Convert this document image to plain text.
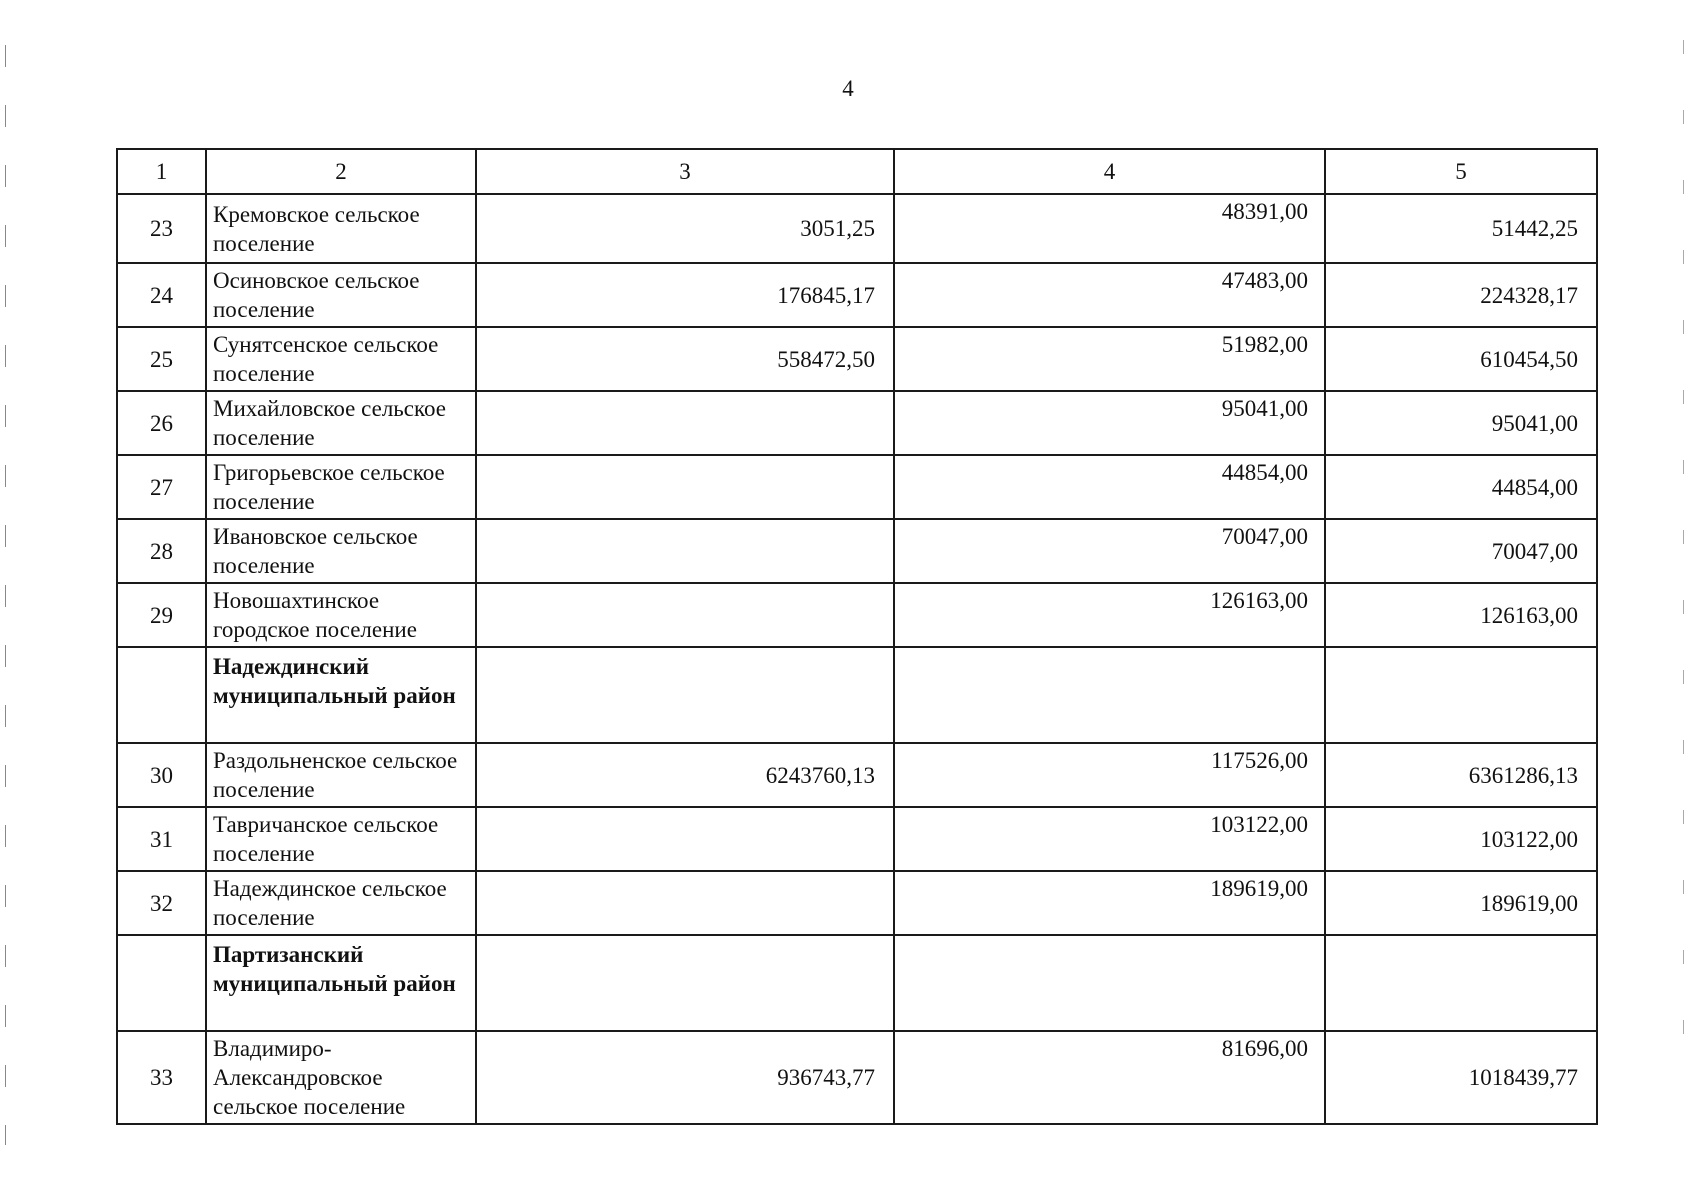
4
1	2	3	4	5
23	Кремовское сельское поселение	3051,25	48391,00	51442,25
24	Осиновское сельское поселение	176845,17	47483,00	224328,17
25	Сунятсенское сельское поселение	558472,50	51982,00	610454,50
26	Михайловское сельское поселение		95041,00	95041,00
27	Григорьевское сельское поселение		44854,00	44854,00
28	Ивановское сельское поселение		70047,00	70047,00
29	Новошахтинское городское поселение		126163,00	126163,00
	Надеждинский муниципальный район			
30	Раздольненское сельское поселение	6243760,13	117526,00	6361286,13
31	Тавричанское сельское поселение		103122,00	103122,00
32	Надеждинское сельское поселение		189619,00	189619,00
	Партизанский муниципальный район			
33	Владимиро-Александровское сельское поселение	936743,77	81696,00	1018439,77
